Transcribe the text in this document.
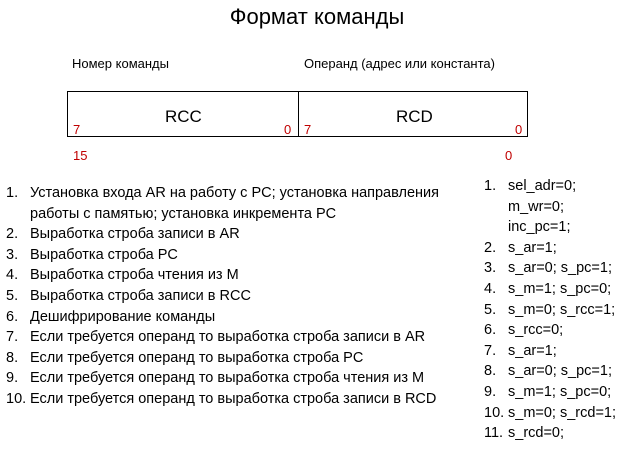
Формат команды
Номер команды	Операнд (адрес или константа)
RCC	RCD
7	0 7	0
15	0
1. Установка входа AR на работу с PC; установка направления
работы с памятью; установка инкремента PC
2. Выработка строба записи в AR
3. Выработка строба PC
4. Выработка строба чтения из M
5. Выработка строба записи в RCC
6. Дешифрирование команды
7. Если требуется операнд то выработка строба записи в AR
8. Если требуется операнд то выработка строба PC
9. Если требуется операнд то выработка строба чтения из M
10. Если требуется операнд то выработка строба записи в RCD
1. sel_adr=0;
m_wr=0;
inc_pc=1;
2. s_ar=1;
3. s_ar=0; s_pc=1;
4. s_m=1; s_pc=0;
5. s_m=0; s_rcc=1;
6. s_rcc=0;
7. s_ar=1;
8. s_ar=0; s_pc=1;
9. s_m=1; s_pc=0;
10. s_m=0; s_rcd=1;
11. s_rcd=0;
